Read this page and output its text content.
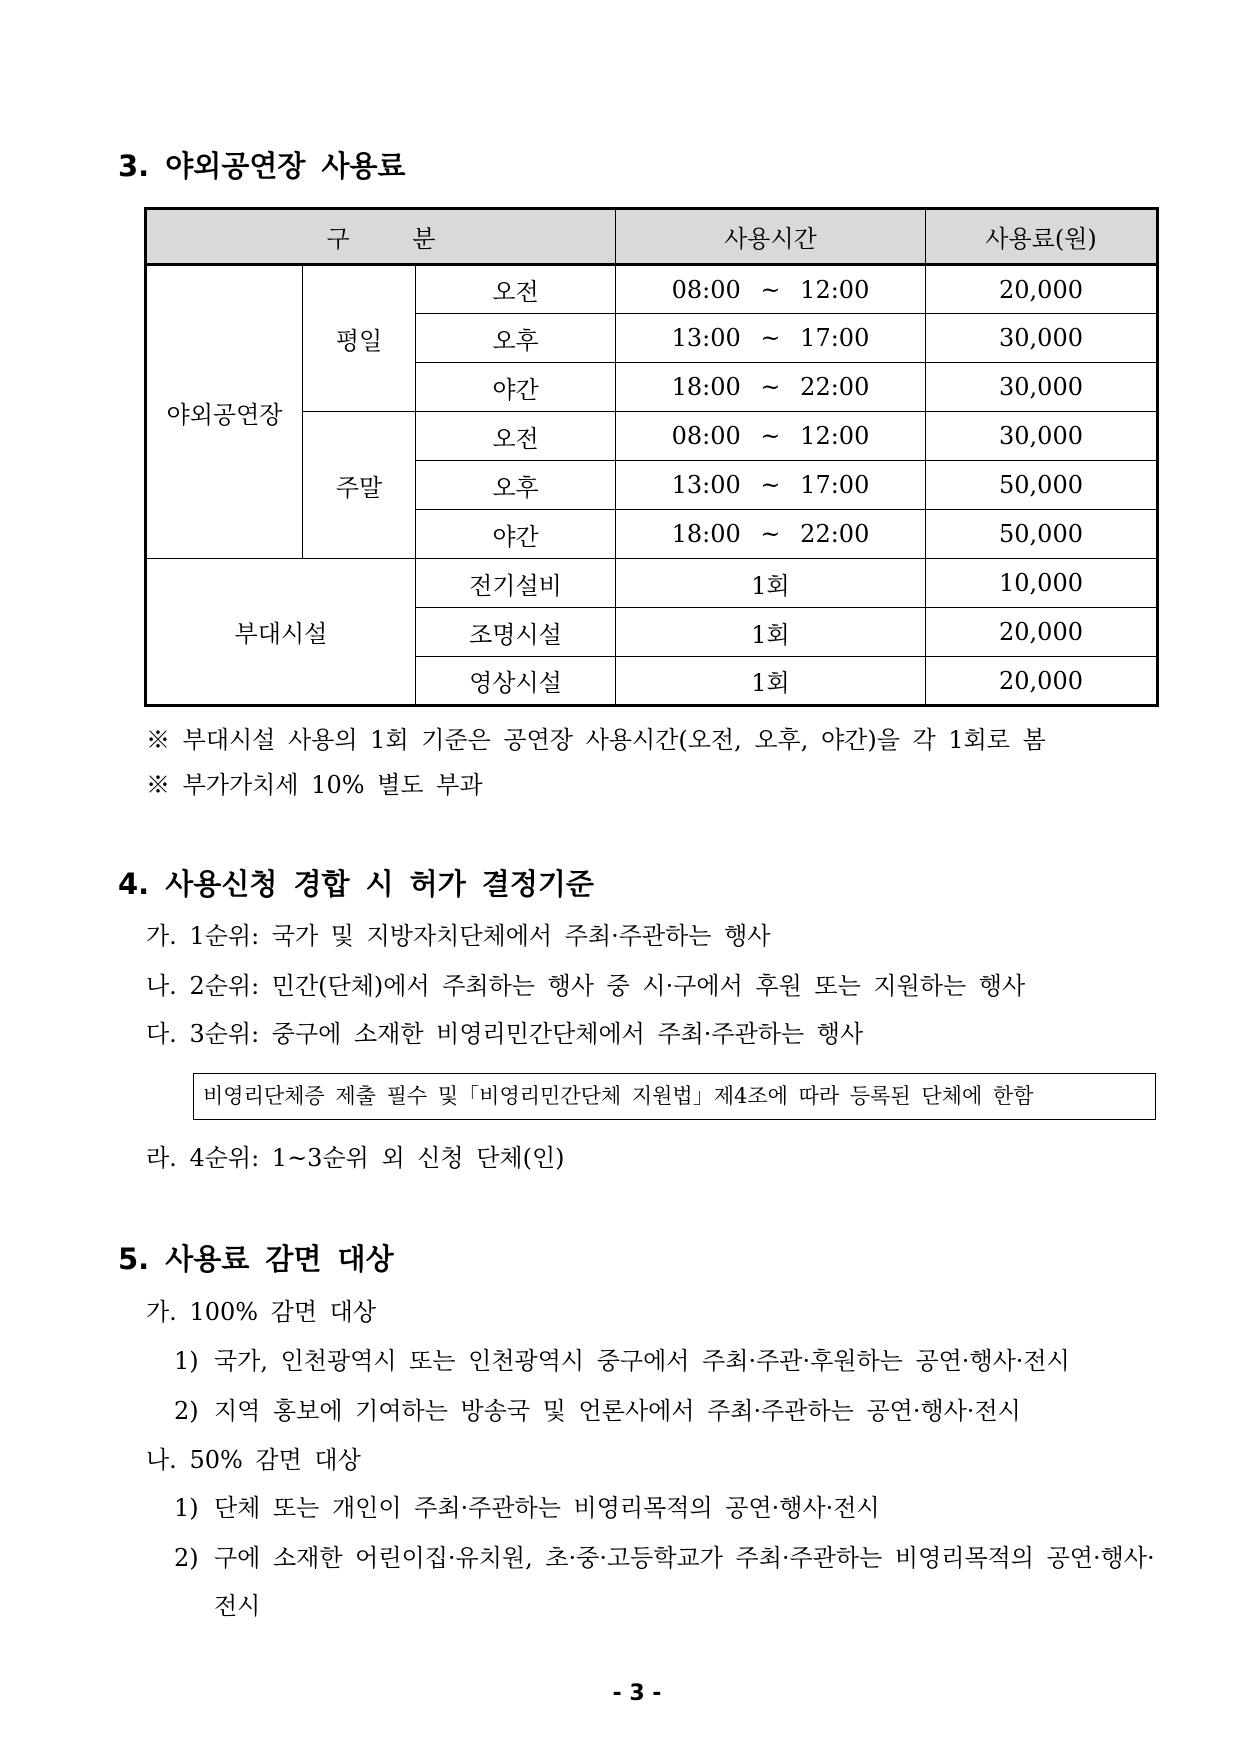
3. 야외공연장 사용료
구 분			사용시간	사용료(원)
야외공연장	평일	오전	08:00 ~ 12:00	20,000
		오후	13:00 ~ 17:00	30,000
		야간	18:00 ~ 22:00	30,000
	주말	오전	08:00 ~ 12:00	30,000
		오후	13:00 ~ 17:00	50,000
		야간	18:00 ~ 22:00	50,000
부대시설		전기설비	1회	10,000
		조명시설	1회	20,000
		영상시설	1회	20,000
※ 부대시설 사용의 1회 기준은 공연장 사용시간(오전, 오후, 야간)을 각 1회로 봄
※ 부가가치세 10% 별도 부과
4. 사용신청 경합 시 허가 결정기준
가. 1순위: 국가 및 지방자치단체에서 주최·주관하는 행사
나. 2순위: 민간(단체)에서 주최하는 행사 중 시·구에서 후원 또는 지원하는 행사
다. 3순위: 중구에 소재한 비영리민간단체에서 주최·주관하는 행사
비영리단체증 제출 필수 및「비영리민간단체 지원법」제4조에 따라 등록된 단체에 한함
라. 4순위: 1~3순위 외 신청 단체(인)
5. 사용료 감면 대상
가. 100% 감면 대상
1) 국가, 인천광역시 또는 인천광역시 중구에서 주최·주관·후원하는 공연·행사·전시
2) 지역 홍보에 기여하는 방송국 및 언론사에서 주최·주관하는 공연·행사·전시
나. 50% 감면 대상
1) 단체 또는 개인이 주최·주관하는 비영리목적의 공연·행사·전시
2) 구에 소재한 어린이집·유치원, 초·중·고등학교가 주최·주관하는 비영리목적의 공연·행사·전시
- 3 -
